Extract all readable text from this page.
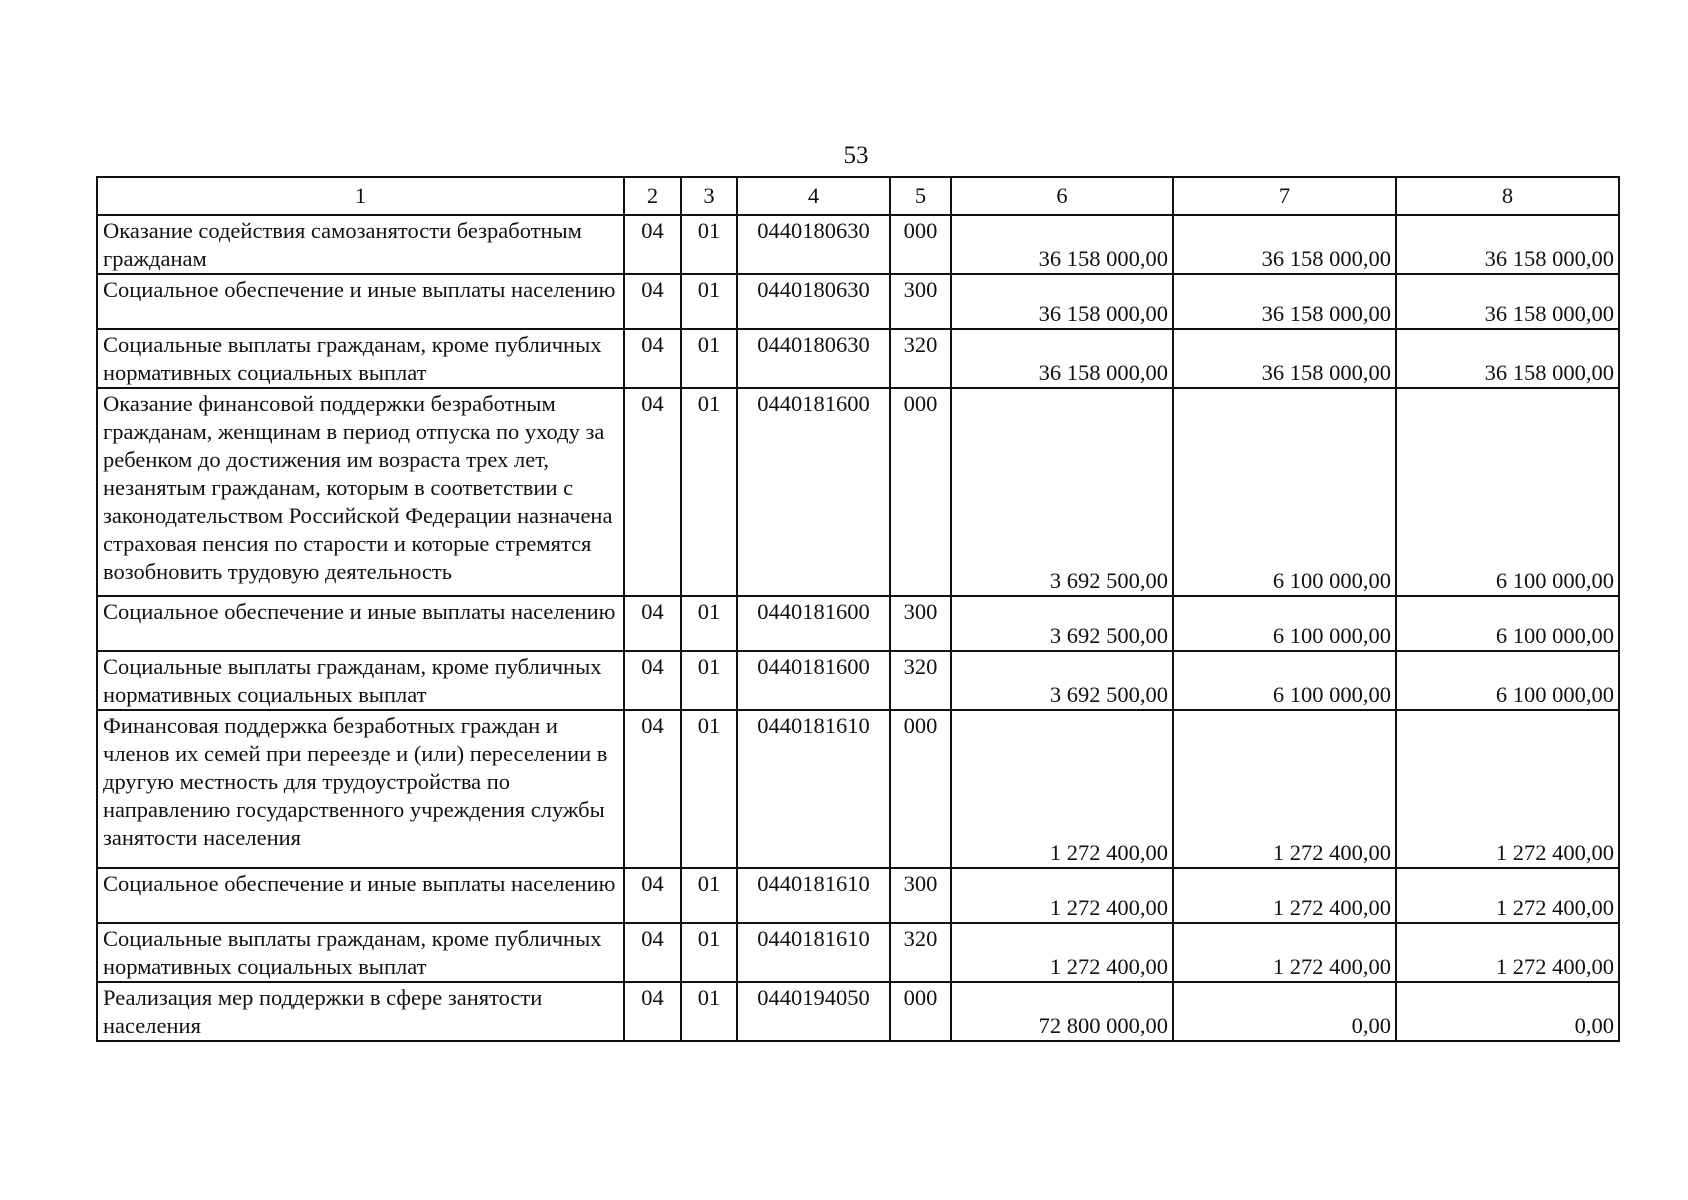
53
1	2	3	4	5	6	7	8
Оказание содействия самозанятости безработным гражданам	04	01	0440180630	000	36 158 000,00	36 158 000,00	36 158 000,00
Социальное обеспечение и иные выплаты населению	04	01	0440180630	300	36 158 000,00	36 158 000,00	36 158 000,00
Социальные выплаты гражданам, кроме публичных нормативных социальных выплат	04	01	0440180630	320	36 158 000,00	36 158 000,00	36 158 000,00
Оказание финансовой поддержки безработным гражданам, женщинам в период отпуска по уходу за ребенком до достижения им возраста трех лет, незанятым гражданам, которым в соответствии с законодательством Российской Федерации назначена страховая пенсия по старости и которые стремятся возобновить трудовую деятельность	04	01	0440181600	000	3 692 500,00	6 100 000,00	6 100 000,00
Социальное обеспечение и иные выплаты населению	04	01	0440181600	300	3 692 500,00	6 100 000,00	6 100 000,00
Социальные выплаты гражданам, кроме публичных нормативных социальных выплат	04	01	0440181600	320	3 692 500,00	6 100 000,00	6 100 000,00
Финансовая поддержка безработных граждан и членов их семей при переезде и (или) переселении в другую местность для трудоустройства по направлению государственного учреждения службы занятости населения	04	01	0440181610	000	1 272 400,00	1 272 400,00	1 272 400,00
Социальное обеспечение и иные выплаты населению	04	01	0440181610	300	1 272 400,00	1 272 400,00	1 272 400,00
Социальные выплаты гражданам, кроме публичных нормативных социальных выплат	04	01	0440181610	320	1 272 400,00	1 272 400,00	1 272 400,00
Реализация мер поддержки в сфере занятости населения	04	01	0440194050	000	72 800 000,00	0,00	0,00
